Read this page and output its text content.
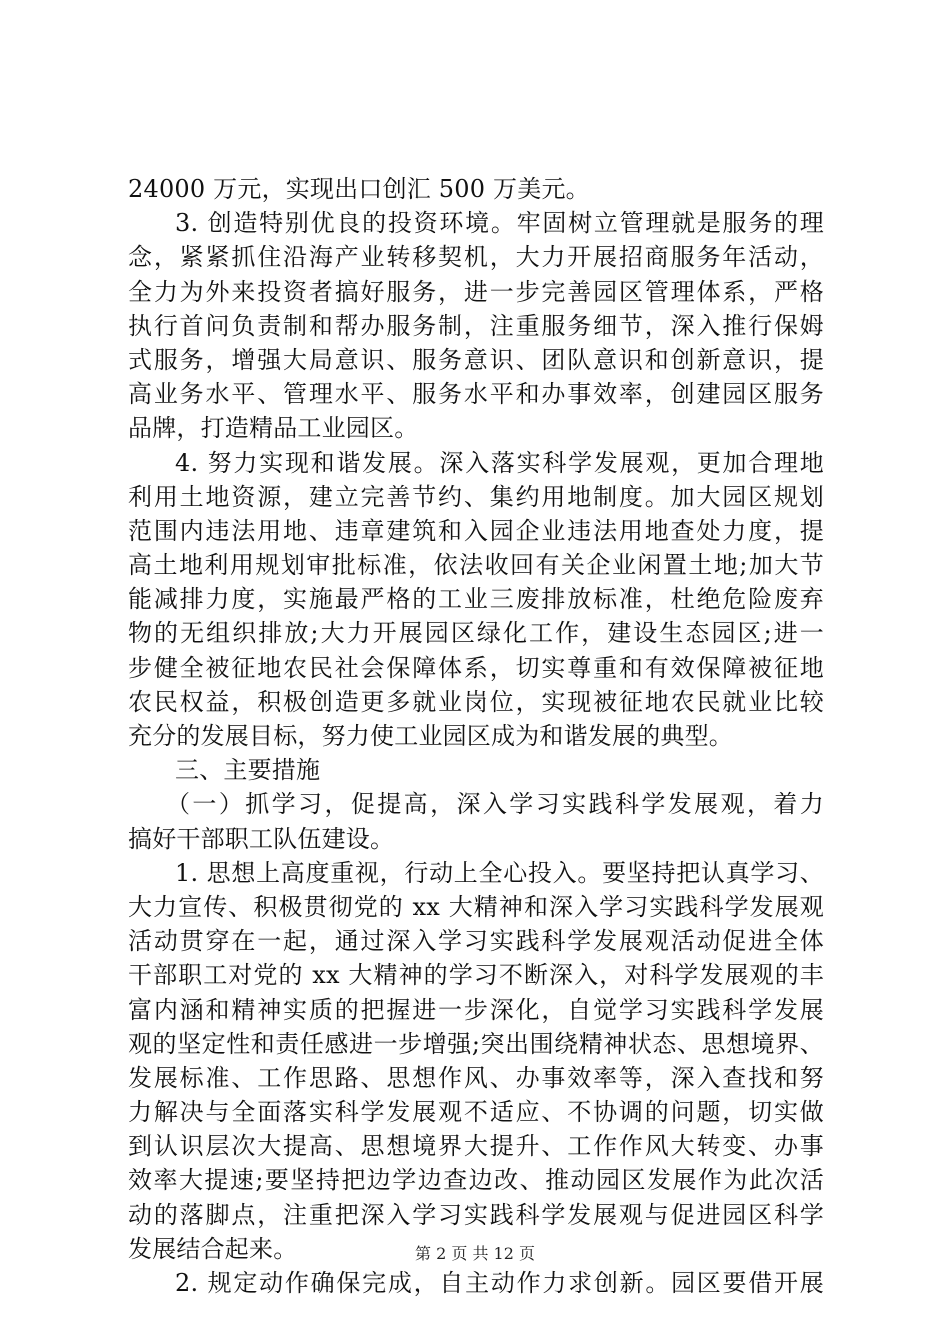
24000 万元，实现出口创汇 500 万美元。
3. 创造特别优良的投资环境。牢固树立管理就是服务的理
念，紧紧抓住沿海产业转移契机，大力开展招商服务年活动，
全力为外来投资者搞好服务，进一步完善园区管理体系，严格
执行首问负责制和帮办服务制，注重服务细节，深入推行保姆
式服务，增强大局意识、服务意识、团队意识和创新意识，提
高业务水平、管理水平、服务水平和办事效率，创建园区服务
品牌，打造精品工业园区。
4. 努力实现和谐发展。深入落实科学发展观，更加合理地
利用土地资源，建立完善节约、集约用地制度。加大园区规划
范围内违法用地、违章建筑和入园企业违法用地查处力度，提
高土地利用规划审批标准，依法收回有关企业闲置土地;加大节
能减排力度，实施最严格的工业三废排放标准，杜绝危险废弃
物的无组织排放;大力开展园区绿化工作，建设生态园区;进一
步健全被征地农民社会保障体系，切实尊重和有效保障被征地
农民权益，积极创造更多就业岗位，实现被征地农民就业比较
充分的发展目标，努力使工业园区成为和谐发展的典型。
三、主要措施
（一）抓学习，促提高，深入学习实践科学发展观，着力
搞好干部职工队伍建设。
1. 思想上高度重视，行动上全心投入。要坚持把认真学习、
大力宣传、积极贯彻党的 xx 大精神和深入学习实践科学发展观
活动贯穿在一起，通过深入学习实践科学发展观活动促进全体
干部职工对党的 xx 大精神的学习不断深入，对科学发展观的丰
富内涵和精神实质的把握进一步深化，自觉学习实践科学发展
观的坚定性和责任感进一步增强;突出围绕精神状态、思想境界、
发展标准、工作思路、思想作风、办事效率等，深入查找和努
力解决与全面落实科学发展观不适应、不协调的问题，切实做
到认识层次大提高、思想境界大提升、工作作风大转变、办事
效率大提速;要坚持把边学边查边改、推动园区发展作为此次活
动的落脚点，注重把深入学习实践科学发展观与促进园区科学
发展结合起来。
2. 规定动作确保完成，自主动作力求创新。园区要借开展
第 2 页 共 12 页
